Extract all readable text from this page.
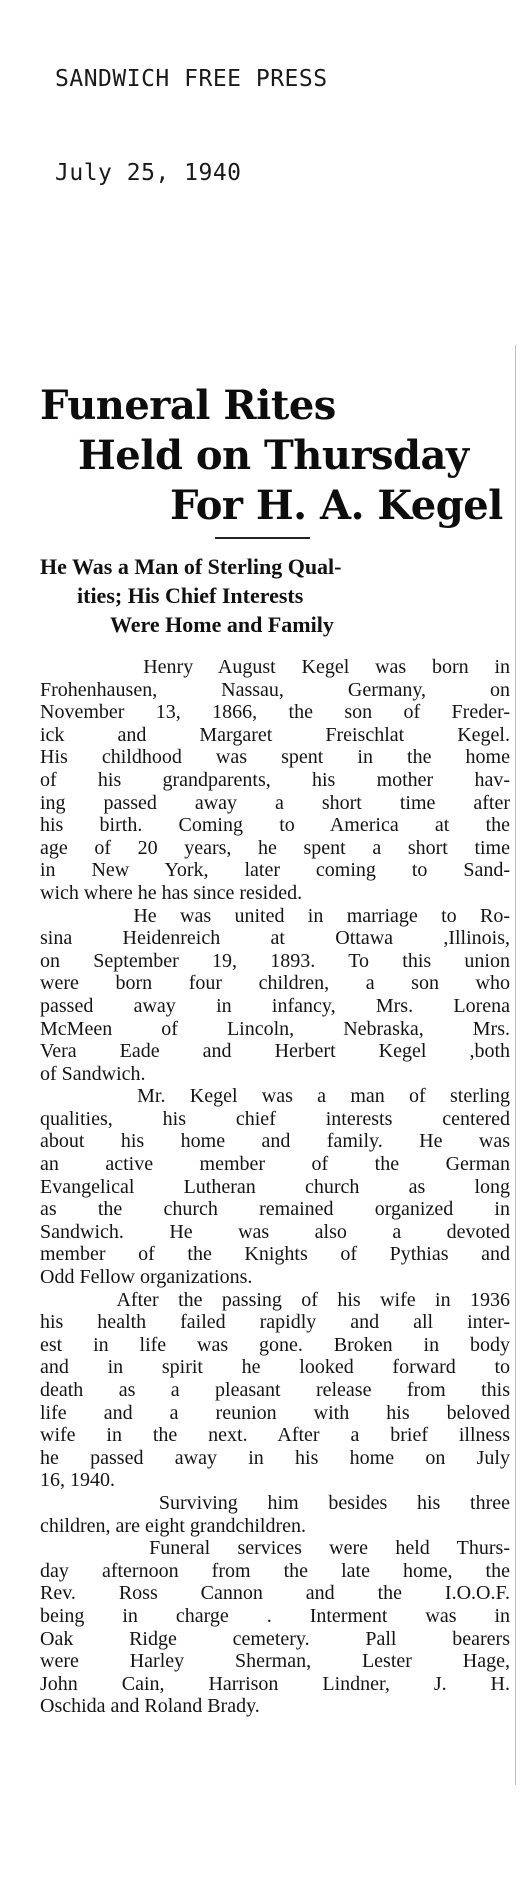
SANDWICH FREE PRESS
July 25, 1940
Funeral Rites
Held on Thursday
For H. A. Kegel
He Was a Man of Sterling Qual-
ities; His Chief Interests
Were Home and Family
Henry August Kegel was born in
Frohenhausen, Nassau, Germany, on
November 13, 1866, the son of Freder-
ick and Margaret Freischlat Kegel.
His childhood was spent in the home
of his grandparents, his mother hav-
ing passed away a short time after
his birth. Coming to America at the
age of 20 years, he spent a short time
in New York, later coming to Sand-
wich where he has since resided.
He was united in marriage to Ro-
sina Heidenreich at Ottawa ,Illinois,
on September 19, 1893. To this union
were born four children, a son who
passed away in infancy, Mrs. Lorena
McMeen of Lincoln, Nebraska, Mrs.
Vera Eade and Herbert Kegel ,both
of Sandwich.
Mr. Kegel was a man of sterling
qualities, his chief interests centered
about his home and family. He was
an active member of the German
Evangelical Lutheran church as long
as the church remained organized in
Sandwich. He was also a devoted
member of the Knights of Pythias and
Odd Fellow organizations.
After the passing of his wife in 1936
his health failed rapidly and all inter-
est in life was gone. Broken in body
and in spirit he looked forward to
death as a pleasant release from this
life and a reunion with his beloved
wife in the next. After a brief illness
he passed away in his home on July
16, 1940.
Surviving him besides his three
children, are eight grandchildren.
Funeral services were held Thurs-
day afternoon from the late home, the
Rev. Ross Cannon and the I.O.O.F.
being in charge . Interment was in
Oak Ridge cemetery. Pall bearers
were Harley Sherman, Lester Hage,
John Cain, Harrison Lindner, J. H.
Oschida and Roland Brady.
